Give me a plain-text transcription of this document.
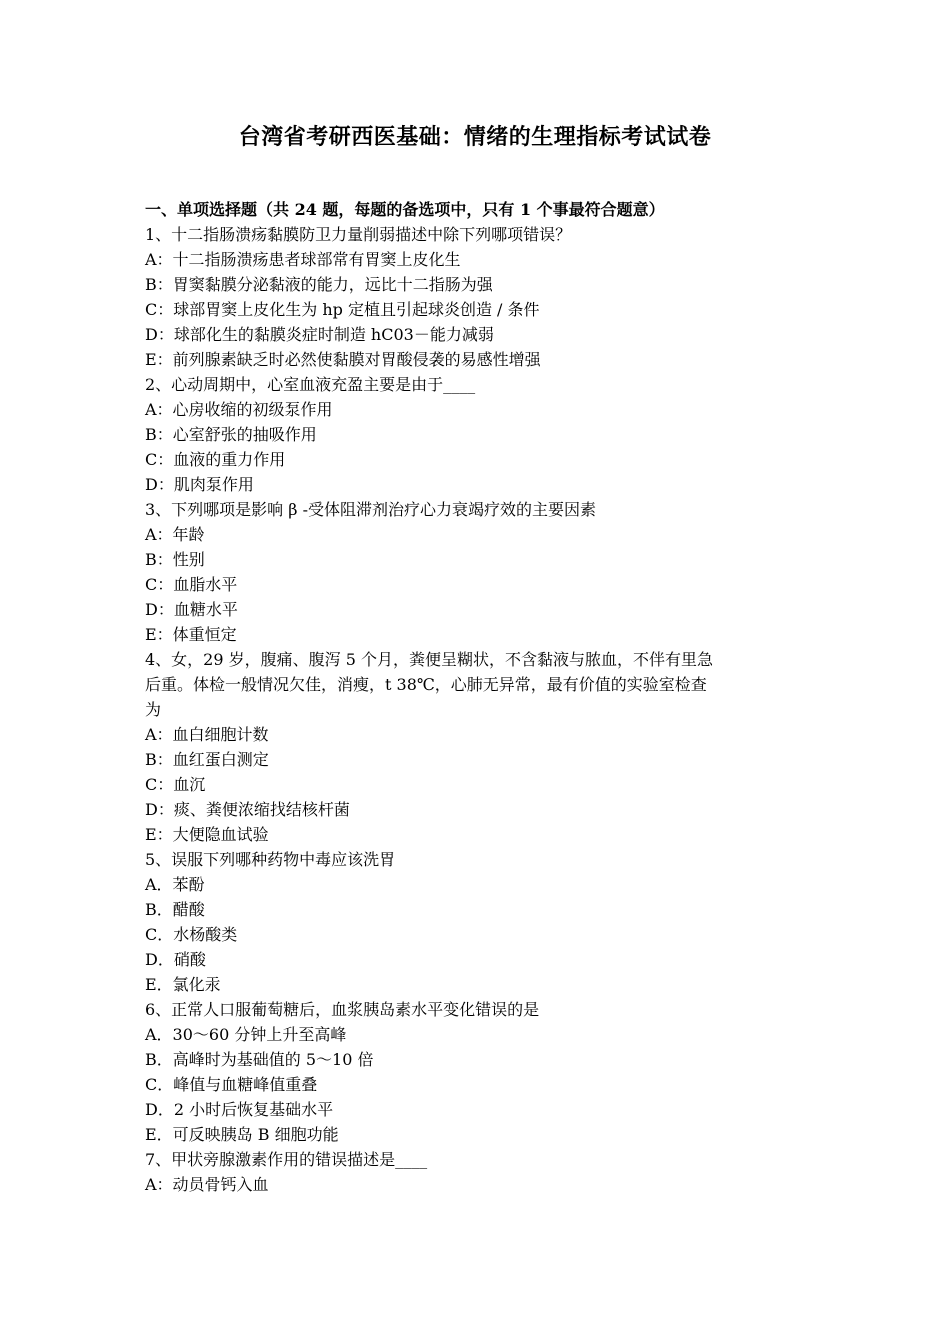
台湾省考研西医基础：情绪的生理指标考试试卷
一、单项选择题（共 24 题，每题的备选项中，只有 1 个事最符合题意）
1、十二指肠溃疡黏膜防卫力量削弱描述中除下列哪项错误？
A：十二指肠溃疡患者球部常有胃窦上皮化生
B：胃窦黏膜分泌黏液的能力，远比十二指肠为强
C：球部胃窦上皮化生为 hp 定植且引起球炎创造 / 条件
D：球部化生的黏膜炎症时制造 hC03－能力减弱
E：前列腺素缺乏时必然使黏膜对胃酸侵袭的易感性增强
2、心动周期中，心室血液充盈主要是由于____
A：心房收缩的初级泵作用
B：心室舒张的抽吸作用
C：血液的重力作用
D：肌肉泵作用
3、下列哪项是影响 β -受体阻滞剂治疗心力衰竭疗效的主要因素
A：年龄
B：性别
C：血脂水平
D：血糖水平
E：体重恒定
4、女，29 岁，腹痛、腹泻 5 个月，粪便呈糊状，不含黏液与脓血，不伴有里急
后重。体检一般情况欠佳，消瘦，t 38℃，心肺无异常，最有价值的实验室检查
为
A：血白细胞计数
B：血红蛋白测定
C：血沉
D：痰、粪便浓缩找结核杆菌
E：大便隐血试验
5、误服下列哪种药物中毒应该洗胃
A．苯酚
B．醋酸
C．水杨酸类
D．硝酸
E．氯化汞
6、正常人口服葡萄糖后，血浆胰岛素水平变化错误的是
A．30～60 分钟上升至高峰
B．高峰时为基础值的 5～10 倍
C．峰值与血糖峰值重叠
D．2 小时后恢复基础水平
E．可反映胰岛 B 细胞功能
7、甲状旁腺激素作用的错误描述是____
A：动员骨钙入血
